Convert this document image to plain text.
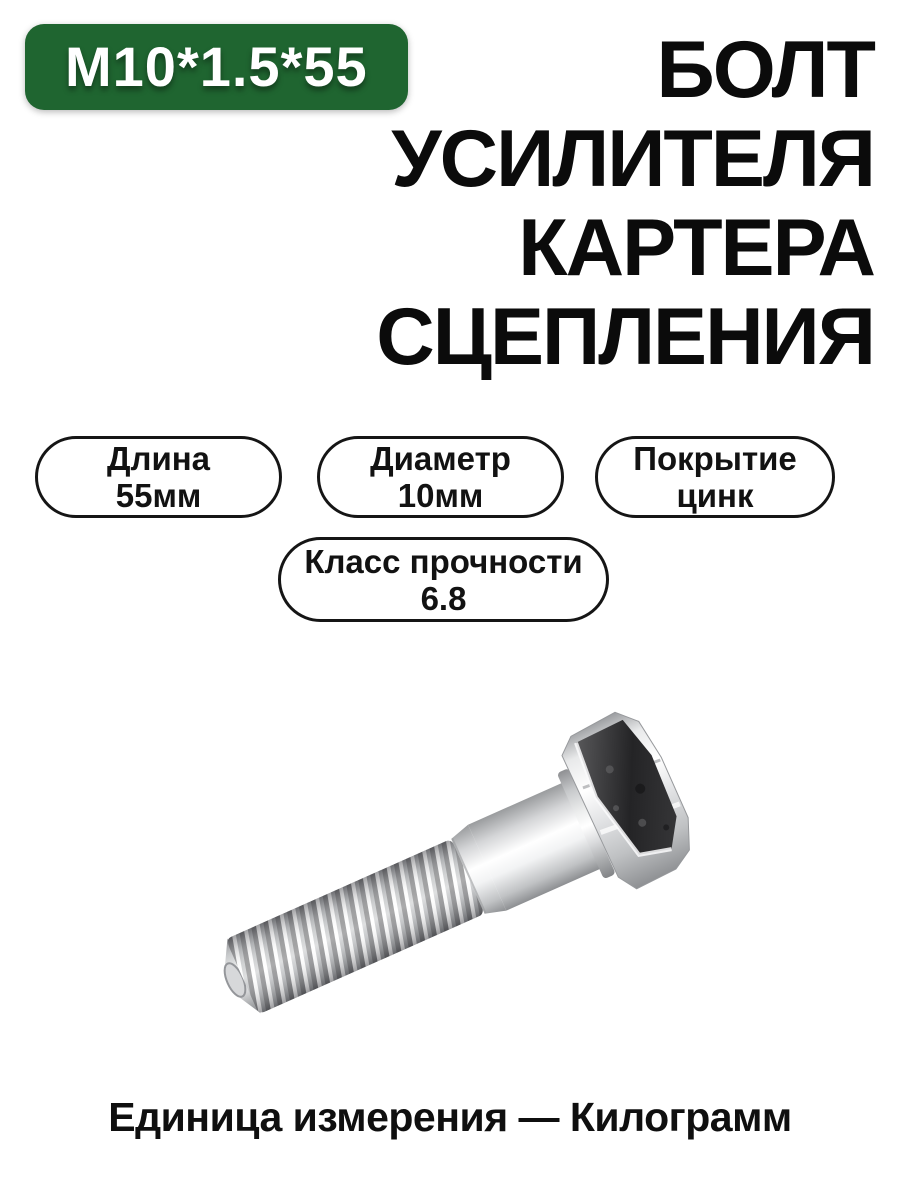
М10*1.5*55	БОЛТ
УСИЛИТЕЛЯ
КАРТЕРА
СЦЕПЛЕНИЯ
Длина
55мм
Диаметр
10мм
Покрытие
цинк
Класс прочности
6.8

Единица измерения — Килограмм
